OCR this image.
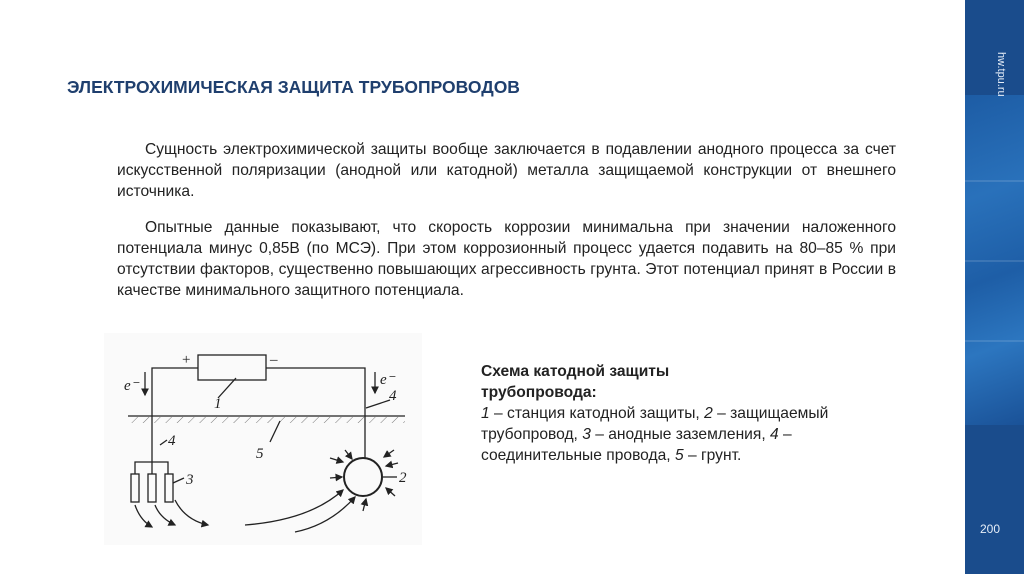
hw.tpu.ru
200
ЭЛЕКТРОХИМИЧЕСКАЯ ЗАЩИТА ТРУБОПРОВОДОВ

Сущность электрохимической защиты вообще заключается в подавлении анодного процесса за счет искусственной поляризации (анодной или катодной) металла защищаемой конструкции от внешнего источника.

Опытные данные показывают, что скорость коррозии минимальна при значении наложенного потенциала минус 0,85В (по МСЭ). При этом коррозионный процесс удается подавить на 80–85 % при отсутствии факторов, существенно повышающих агрессивность грунта. Этот потенциал принят в России в качестве минимального защитного потенциала.

+	–
e⁻	e⁻
1	4
4
5
3	2
Схема катодной защиты
трубопровода:
1 – станция катодной защиты, 2 – защищаемый трубопровод, 3 – анодные заземления, 4 – соединительные провода, 5 – грунт.
